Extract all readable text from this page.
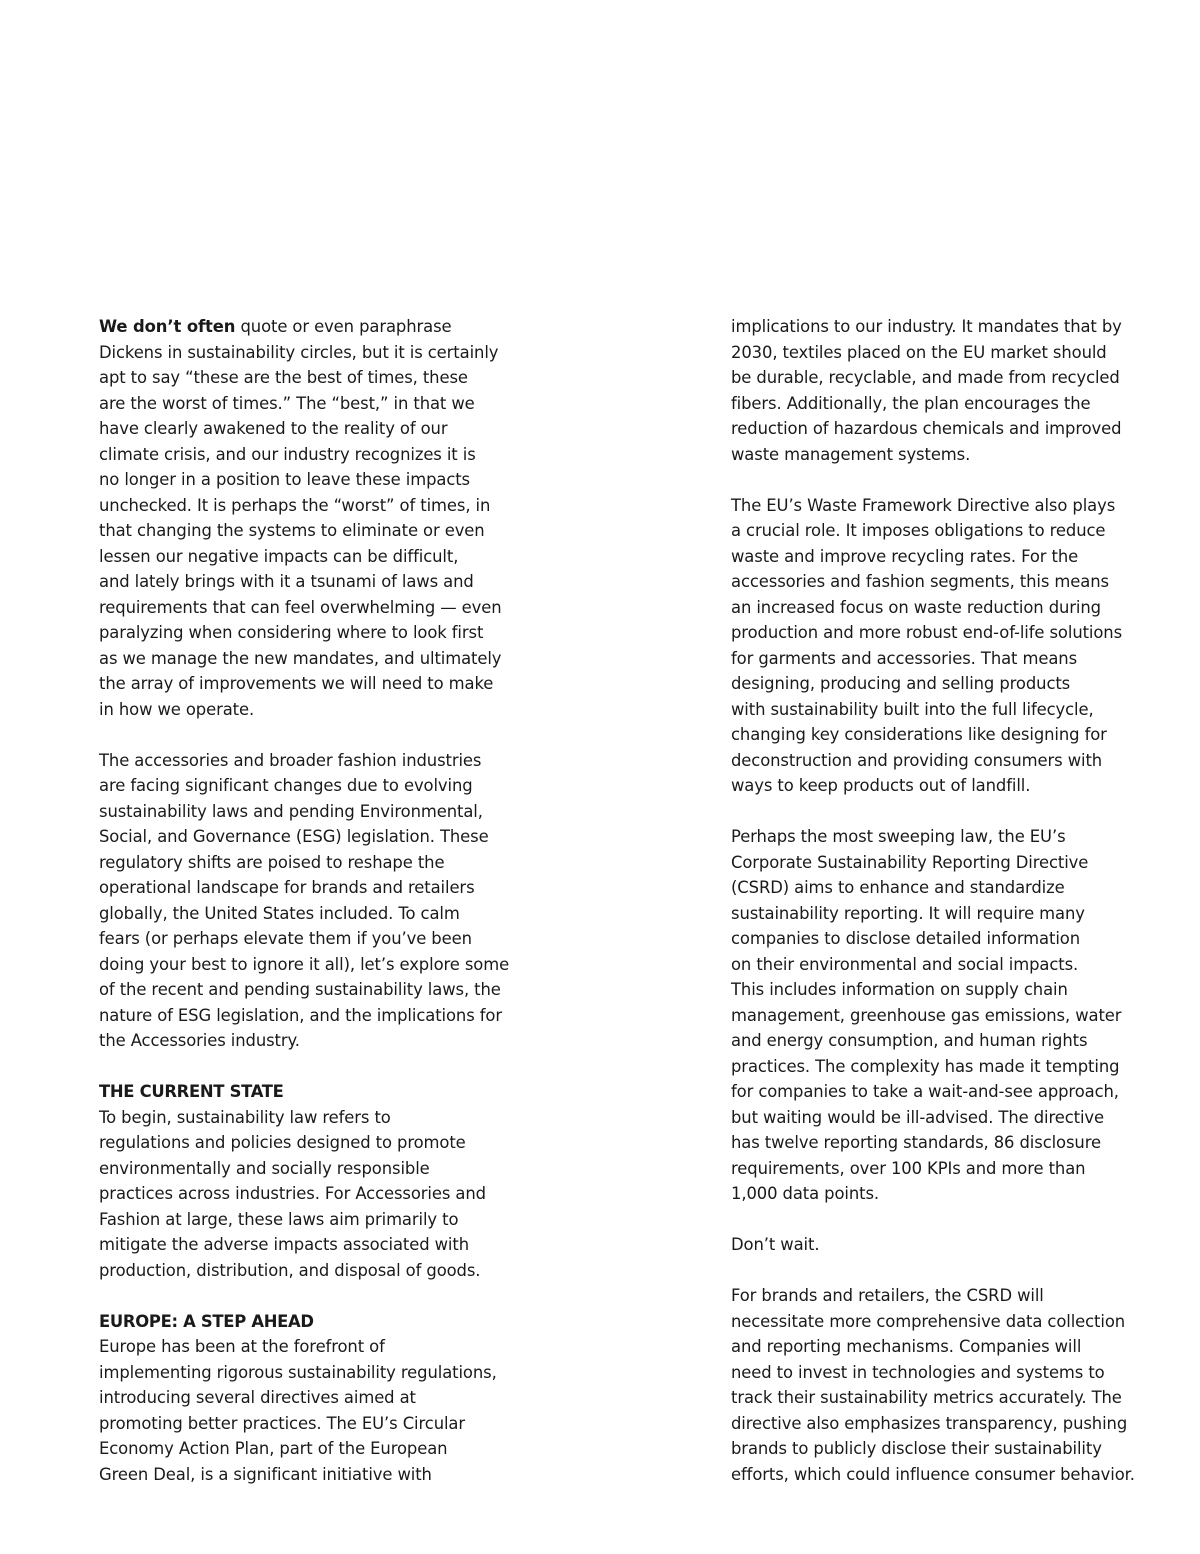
We don’t often quote or even paraphrase
Dickens in sustainability circles, but it is certainly
apt to say “these are the best of times, these
are the worst of times.” The “best,” in that we
have clearly awakened to the reality of our
climate crisis, and our industry recognizes it is
no longer in a position to leave these impacts
unchecked. It is perhaps the “worst” of times, in
that changing the systems to eliminate or even
lessen our negative impacts can be difficult,
and lately brings with it a tsunami of laws and
requirements that can feel overwhelming — even
paralyzing when considering where to look first
as we manage the new mandates, and ultimately
the array of improvements we will need to make
in how we operate.
The accessories and broader fashion industries
are facing significant changes due to evolving
sustainability laws and pending Environmental,
Social, and Governance (ESG) legislation. These
regulatory shifts are poised to reshape the
operational landscape for brands and retailers
globally, the United States included. To calm
fears (or perhaps elevate them if you’ve been
doing your best to ignore it all), let’s explore some
of the recent and pending sustainability laws, the
nature of ESG legislation, and the implications for
the Accessories industry.
THE CURRENT STATE
To begin, sustainability law refers to
regulations and policies designed to promote
environmentally and socially responsible
practices across industries. For Accessories and
Fashion at large, these laws aim primarily to
mitigate the adverse impacts associated with
production, distribution, and disposal of goods.
EUROPE: A STEP AHEAD
Europe has been at the forefront of
implementing rigorous sustainability regulations,
introducing several directives aimed at
promoting better practices. The EU’s Circular
Economy Action Plan, part of the European
Green Deal, is a significant initiative with
implications to our industry. It mandates that by
2030, textiles placed on the EU market should
be durable, recyclable, and made from recycled
fibers. Additionally, the plan encourages the
reduction of hazardous chemicals and improved
waste management systems.
The EU’s Waste Framework Directive also plays
a crucial role. It imposes obligations to reduce
waste and improve recycling rates. For the
accessories and fashion segments, this means
an increased focus on waste reduction during
production and more robust end-of-life solutions
for garments and accessories. That means
designing, producing and selling products
with sustainability built into the full lifecycle,
changing key considerations like designing for
deconstruction and providing consumers with
ways to keep products out of landfill.
Perhaps the most sweeping law, the EU’s
Corporate Sustainability Reporting Directive
(CSRD) aims to enhance and standardize
sustainability reporting. It will require many
companies to disclose detailed information
on their environmental and social impacts.
This includes information on supply chain
management, greenhouse gas emissions, water
and energy consumption, and human rights
practices. The complexity has made it tempting
for companies to take a wait-and-see approach,
but waiting would be ill-advised. The directive
has twelve reporting standards, 86 disclosure
requirements, over 100 KPIs and more than
1,000 data points.
Don’t wait.
For brands and retailers, the CSRD will
necessitate more comprehensive data collection
and reporting mechanisms. Companies will
need to invest in technologies and systems to
track their sustainability metrics accurately. The
directive also emphasizes transparency, pushing
brands to publicly disclose their sustainability
efforts, which could influence consumer behavior.
